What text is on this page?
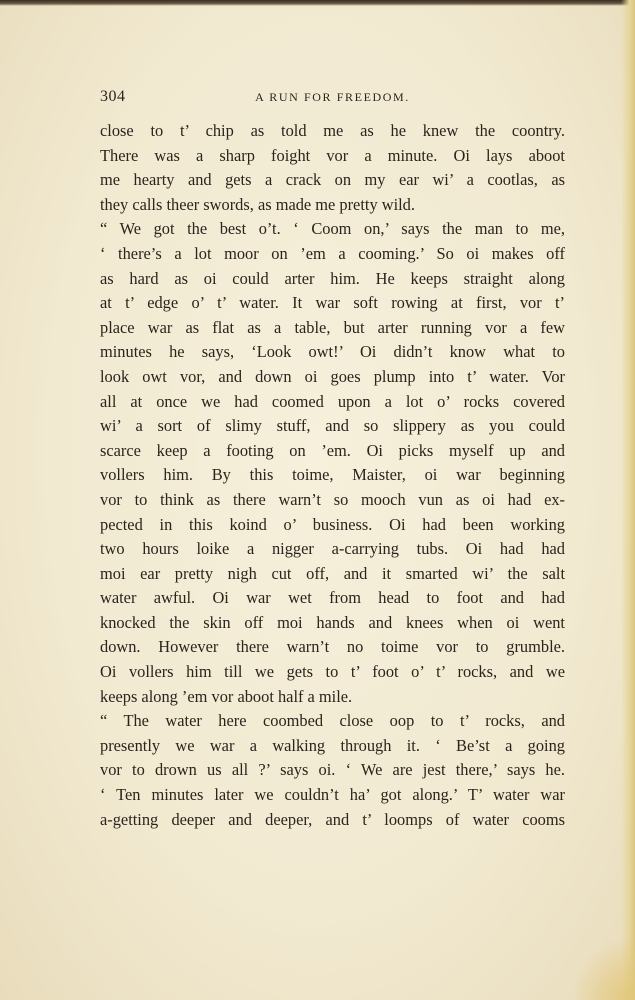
304	A RUN FOR FREEDOM.
close to t’ chip as told me as he knew the coontry.
There was a sharp foight vor a minute. Oi lays aboot
me hearty and gets a crack on my ear wi’ a cootlas, as
they calls theer swords, as made me pretty wild.
“ We got the best o’t. ‘ Coom on,’ says the man to me,
‘ there’s a lot moor on ’em a cooming.’ So oi makes off
as hard as oi could arter him. He keeps straight along
at t’ edge o’ t’ water. It war soft rowing at first, vor t’
place war as flat as a table, but arter running vor a few
minutes he says, ‘Look owt!’ Oi didn’t know what to
look owt vor, and down oi goes plump into t’ water. Vor
all at once we had coomed upon a lot o’ rocks covered
wi’ a sort of slimy stuff, and so slippery as you could
scarce keep a footing on ’em. Oi picks myself up and
vollers him. By this toime, Maister, oi war beginning
vor to think as there warn’t so mooch vun as oi had ex-
pected in this koind o’ business. Oi had been working
two hours loike a nigger a-carrying tubs. Oi had had
moi ear pretty nigh cut off, and it smarted wi’ the salt
water awful. Oi war wet from head to foot and had
knocked the skin off moi hands and knees when oi went
down. However there warn’t no toime vor to grumble.
Oi vollers him till we gets to t’ foot o’ t’ rocks, and we
keeps along ’em vor aboot half a mile.
“ The water here coombed close oop to t’ rocks, and
presently we war a walking through it. ‘ Be’st a going
vor to drown us all ?’ says oi. ‘ We are jest there,’ says he.
‘ Ten minutes later we couldn’t ha’ got along.’ T’ water war
a-getting deeper and deeper, and t’ loomps of water cooms
